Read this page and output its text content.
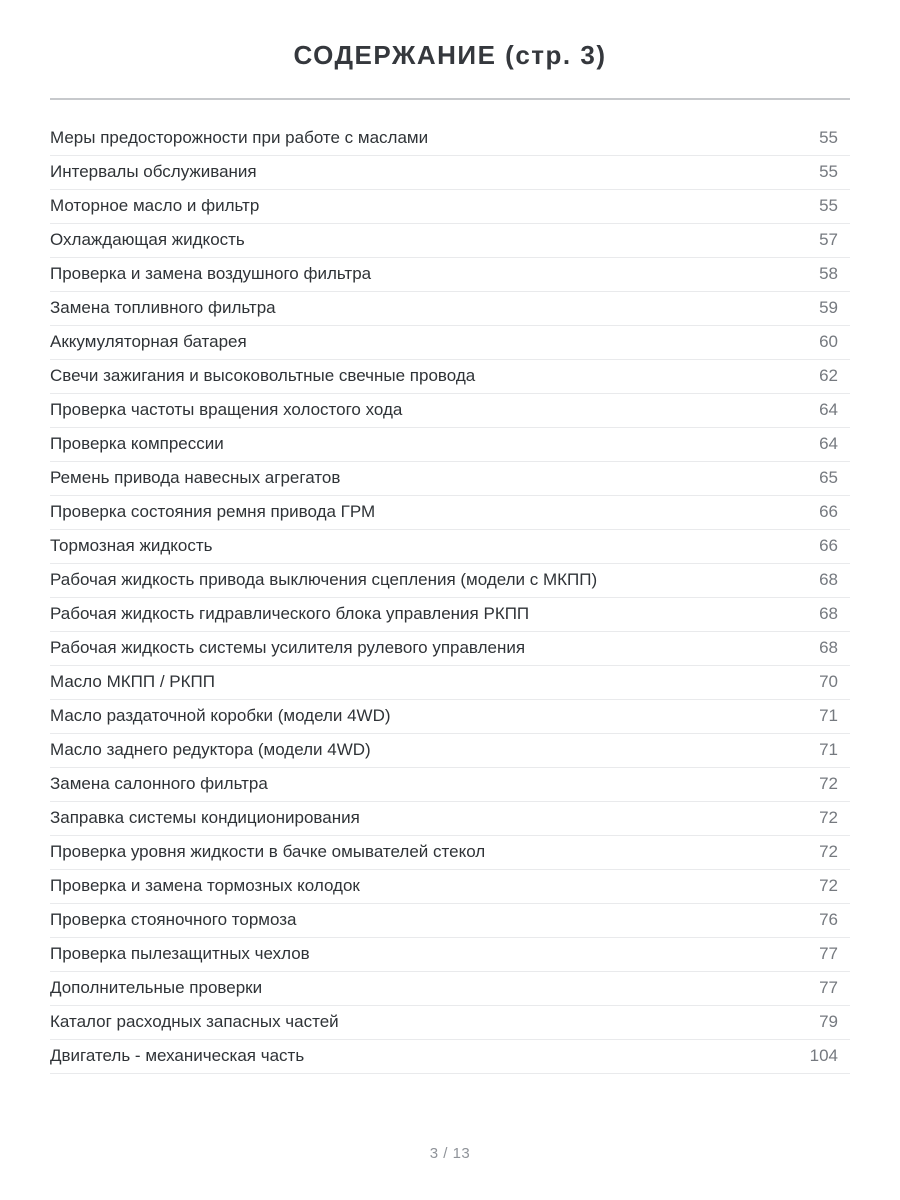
СОДЕРЖАНИЕ (стр. 3)
Меры предосторожности при работе с маслами	55
Интервалы обслуживания	55
Моторное масло и фильтр	55
Охлаждающая жидкость	57
Проверка и замена воздушного фильтра	58
Замена топливного фильтра	59
Аккумуляторная батарея	60
Свечи зажигания и высоковольтные свечные провода	62
Проверка частоты вращения холостого хода	64
Проверка компрессии	64
Ремень привода навесных агрегатов	65
Проверка состояния ремня привода ГРМ	66
Тормозная жидкость	66
Рабочая жидкость привода выключения сцепления (модели с МКПП)	68
Рабочая жидкость гидравлического блока управления РКПП	68
Рабочая жидкость системы усилителя рулевого управления	68
Масло МКПП / РКПП	70
Масло раздаточной коробки (модели 4WD)	71
Масло заднего редуктора (модели 4WD)	71
Замена салонного фильтра	72
Заправка системы кондиционирования	72
Проверка уровня жидкости в бачке омывателей стекол	72
Проверка и замена тормозных колодок	72
Проверка стояночного тормоза	76
Проверка пылезащитных чехлов	77
Дополнительные проверки	77
Каталог расходных запасных частей	79
Двигатель - механическая часть	104
3 / 13
